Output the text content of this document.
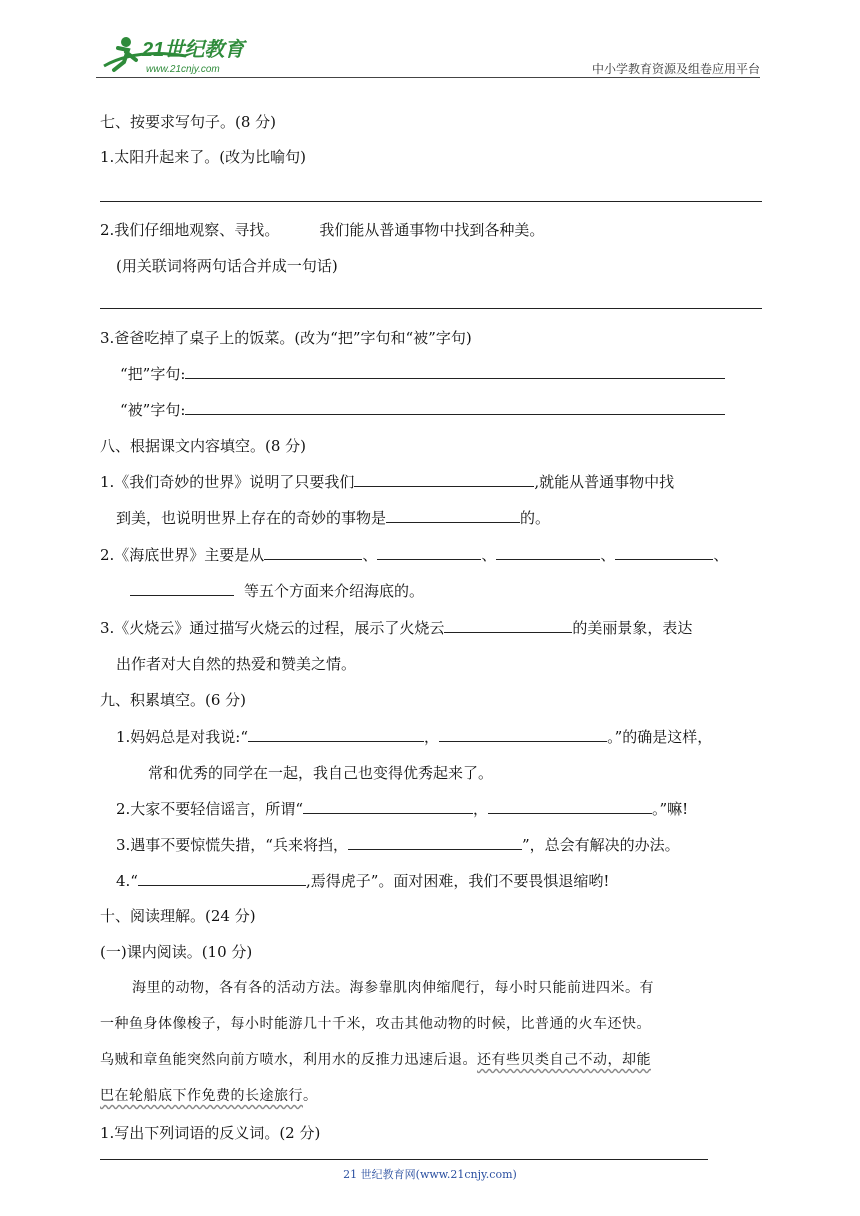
21世纪教育
www.21cnjy.com	中小学教育资源及组卷应用平台
七、按要求写句子。(8 分)
1.太阳升起来了。(改为比喻句)
2.我们仔细地观察、寻找。	我们能从普通事物中找到各种美。
(用关联词将两句话合并成一句话)
3.爸爸吃掉了桌子上的饭菜。(改为“把”字句和“被”字句)
“把”字句:
“被”字句:
八、根据课文内容填空。(8 分)
1.《我们奇妙的世界》说明了只要我们	,就能从普通事物中找
到美，也说明世界上存在的奇妙的事物是	的。
2.《海底世界》主要是从	、	、	、	、
等五个方面来介绍海底的。
3.《火烧云》通过描写火烧云的过程，展示了火烧云	的美丽景象，表达
出作者对大自然的热爱和赞美之情。
九、积累填空。(6 分)
1.妈妈总是对我说:“	，	。”的确是这样，
常和优秀的同学在一起，我自己也变得优秀起来了。
2.大家不要轻信谣言，所谓“	，	。”嘛!
3.遇事不要惊慌失措，“兵来将挡，	”，总会有解决的办法。
4.“	,焉得虎子”。面对困难，我们不要畏惧退缩哟!
十、阅读理解。(24 分)
(一)课内阅读。(10 分)
海里的动物，各有各的活动方法。海参靠肌肉伸缩爬行，每小时只能前进四米。有
一种鱼身体像梭子，每小时能游几十千米，攻击其他动物的时候，比普通的火车还快。
乌贼和章鱼能突然向前方喷水，利用水的反推力迅速后退。还有些贝类自己不动，却能
巴在轮船底下作免费的长途旅行。
1.写出下列词语的反义词。(2 分)
21 世纪教育网(www.21cnjy.com)
